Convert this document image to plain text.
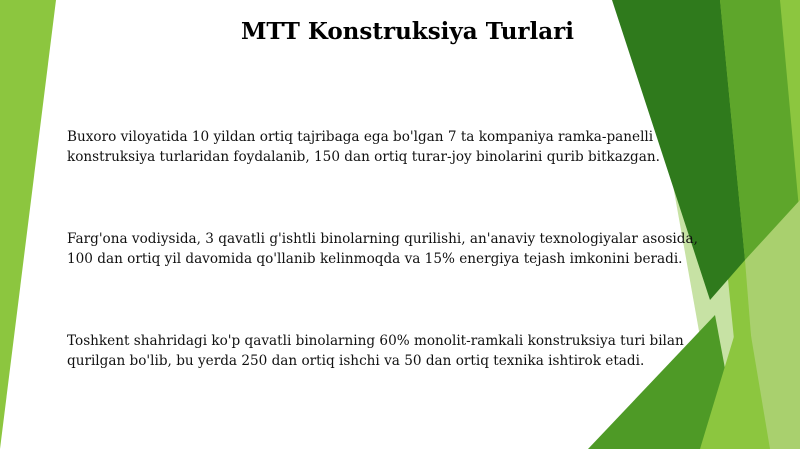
MTT Konstruksiya Turlari
Buxoro viloyatida 10 yildan ortiq tajribaga ega bo'lgan 7 ta kompaniya ramka-panelli
konstruksiya turlaridan foydalanib, 150 dan ortiq turar-joy binolarini qurib bitkazgan.
Farg'ona vodiysida, 3 qavatli g'ishtli binolarning qurilishi, an'anaviy texnologiyalar asosida,
100 dan ortiq yil davomida qo'llanib kelinmoqda va 15% energiya tejash imkonini beradi.
Toshkent shahridagi ko'p qavatli binolarning 60% monolit-ramkali konstruksiya turi bilan
qurilgan bo'lib, bu yerda 250 dan ortiq ishchi va 50 dan ortiq texnika ishtirok etadi.
